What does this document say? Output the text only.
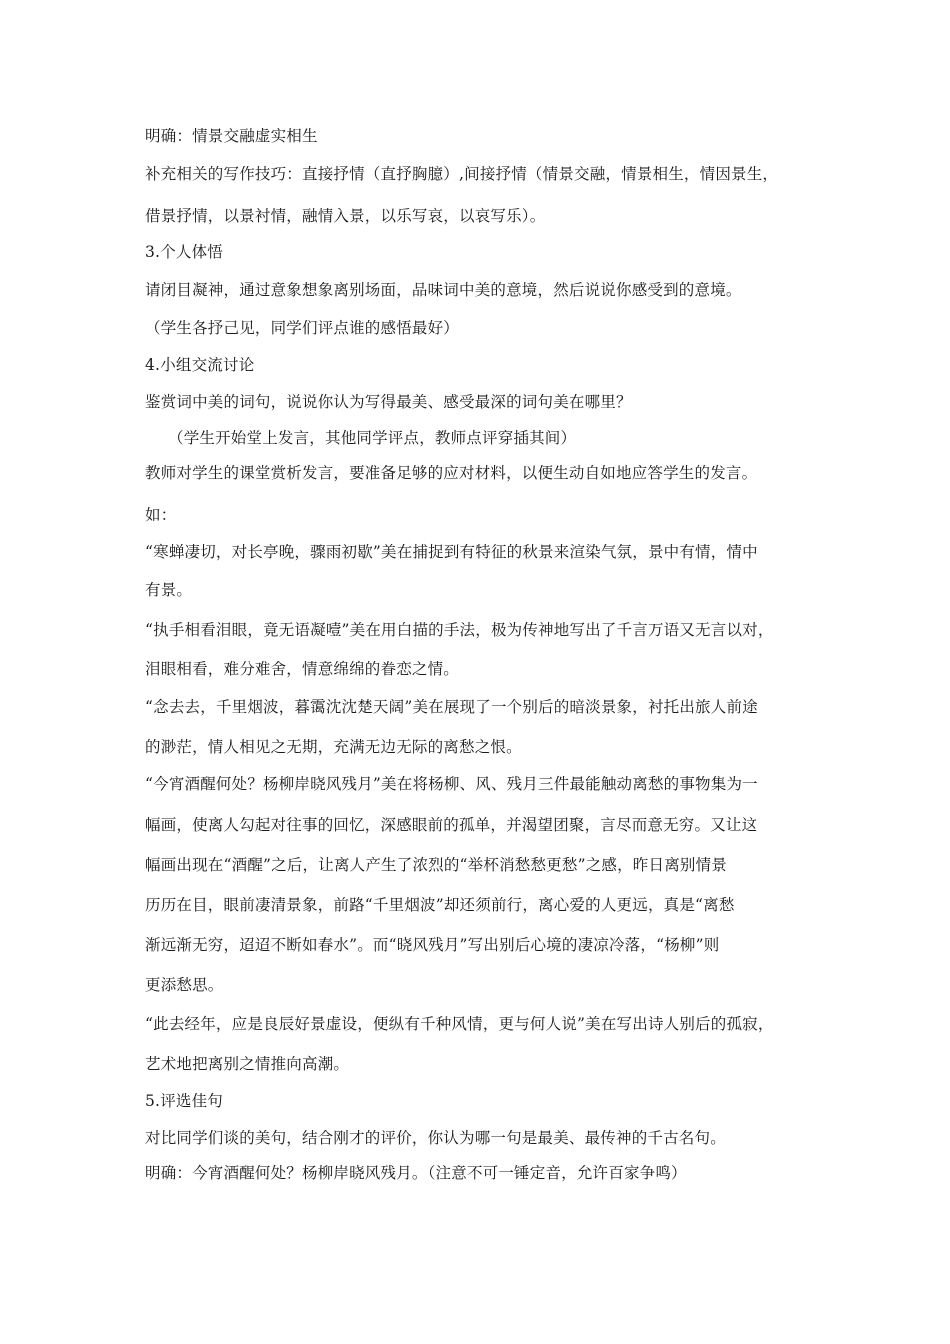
明确：情景交融虚实相生
补充相关的写作技巧：直接抒情（直抒胸臆）,间接抒情（情景交融，情景相生，情因景生，
借景抒情，以景衬情，融情入景，以乐写哀，以哀写乐）。
3.个人体悟
请闭目凝神，通过意象想象离别场面，品味词中美的意境，然后说说你感受到的意境。
（学生各抒己见，同学们评点谁的感悟最好）
4.小组交流讨论
鉴赏词中美的词句，说说你认为写得最美、感受最深的词句美在哪里？
（学生开始堂上发言，其他同学评点，教师点评穿插其间）
教师对学生的课堂赏析发言，要准备足够的应对材料，以便生动自如地应答学生的发言。
如：
“寒蝉凄切，对长亭晚，骤雨初歇”美在捕捉到有特征的秋景来渲染气氛，景中有情，情中
有景。
“执手相看泪眼，竟无语凝噎”美在用白描的手法，极为传神地写出了千言万语又无言以对，
泪眼相看，难分难舍，情意绵绵的眷恋之情。
“念去去，千里烟波，暮霭沈沈楚天阔”美在展现了一个别后的暗淡景象，衬托出旅人前途
的渺茫，情人相见之无期，充满无边无际的离愁之恨。
“今宵酒醒何处？杨柳岸晓风残月”美在将杨柳、风、残月三件最能触动离愁的事物集为一
幅画，使离人勾起对往事的回忆，深感眼前的孤单，并渴望团聚，言尽而意无穷。又让这
幅画出现在“酒醒”之后，让离人产生了浓烈的“举杯消愁愁更愁”之感，昨日离别情景
历历在目，眼前凄清景象，前路“千里烟波”却还须前行，离心爱的人更远，真是“离愁
渐远渐无穷，迢迢不断如春水”。而“晓风残月”写出别后心境的凄凉冷落，“杨柳”则
更添愁思。
“此去经年，应是良辰好景虚设，便纵有千种风情，更与何人说”美在写出诗人别后的孤寂，
艺术地把离别之情推向高潮。
5.评选佳句
对比同学们谈的美句，结合刚才的评价，你认为哪一句是最美、最传神的千古名句。
明确：今宵酒醒何处？杨柳岸晓风残月。（注意不可一锤定音，允许百家争鸣）
